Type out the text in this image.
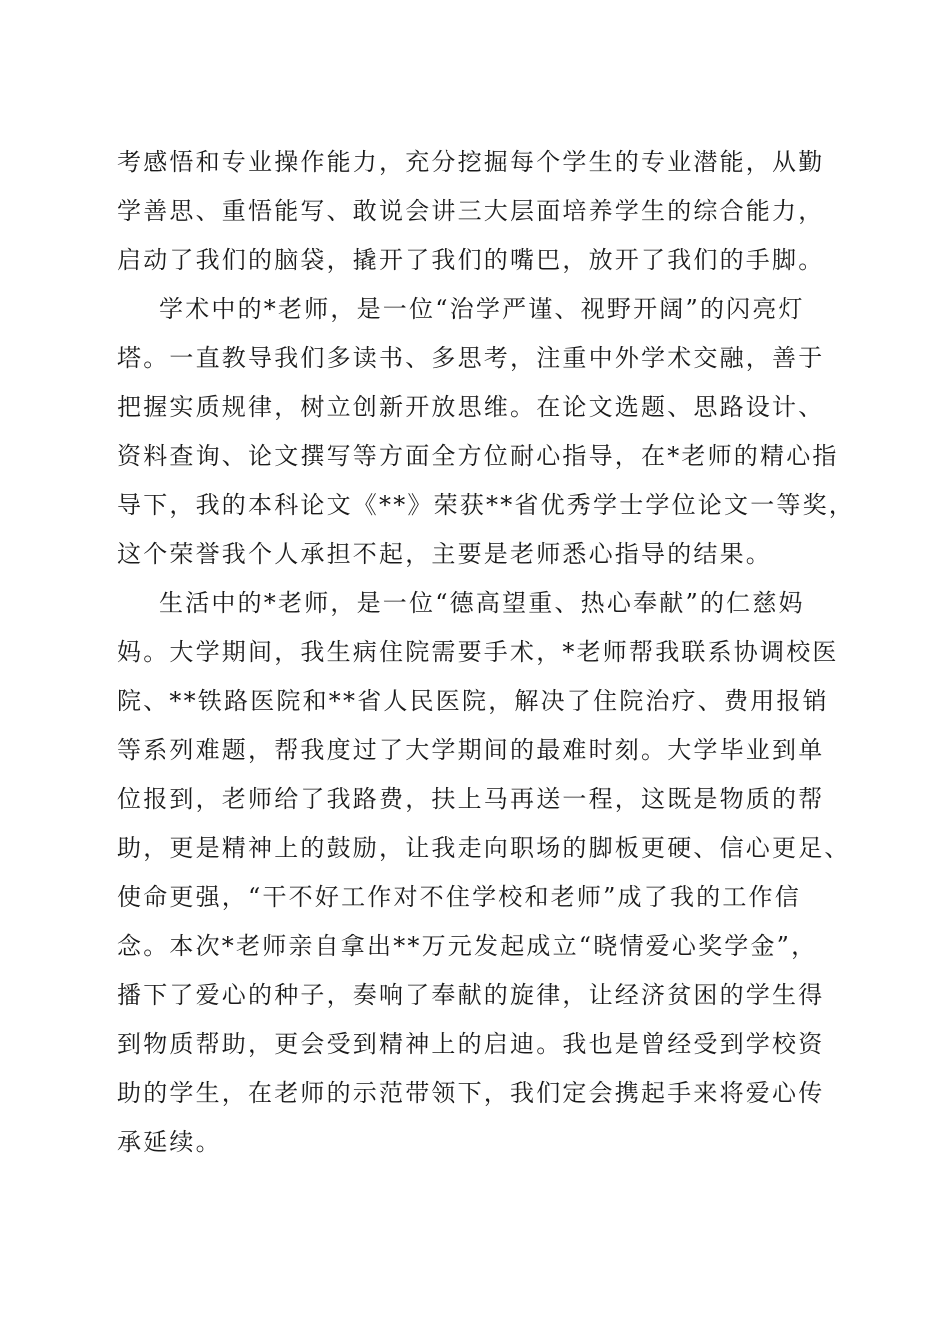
考感悟和专业操作能力，充分挖掘每个学生的专业潜能，从勤
学善思、重悟能写、敢说会讲三大层面培养学生的综合能力，
启动了我们的脑袋，撬开了我们的嘴巴，放开了我们的手脚。
学术中的*老师，是一位“治学严谨、视野开阔”的闪亮灯
塔。一直教导我们多读书、多思考，注重中外学术交融，善于
把握实质规律，树立创新开放思维。在论文选题、思路设计、
资料查询、论文撰写等方面全方位耐心指导，在*老师的精心指
导下，我的本科论文《**》荣获**省优秀学士学位论文一等奖，
这个荣誉我个人承担不起，主要是老师悉心指导的结果。
生活中的*老师，是一位“德高望重、热心奉献”的仁慈妈
妈。大学期间，我生病住院需要手术，*老师帮我联系协调校医
院、**铁路医院和**省人民医院，解决了住院治疗、费用报销
等系列难题，帮我度过了大学期间的最难时刻。大学毕业到单
位报到，老师给了我路费，扶上马再送一程，这既是物质的帮
助，更是精神上的鼓励，让我走向职场的脚板更硬、信心更足、
使命更强，“干不好工作对不住学校和老师”成了我的工作信
念。本次*老师亲自拿出**万元发起成立“晓情爱心奖学金”，
播下了爱心的种子，奏响了奉献的旋律，让经济贫困的学生得
到物质帮助，更会受到精神上的启迪。我也是曾经受到学校资
助的学生，在老师的示范带领下，我们定会携起手来将爱心传
承延续。
